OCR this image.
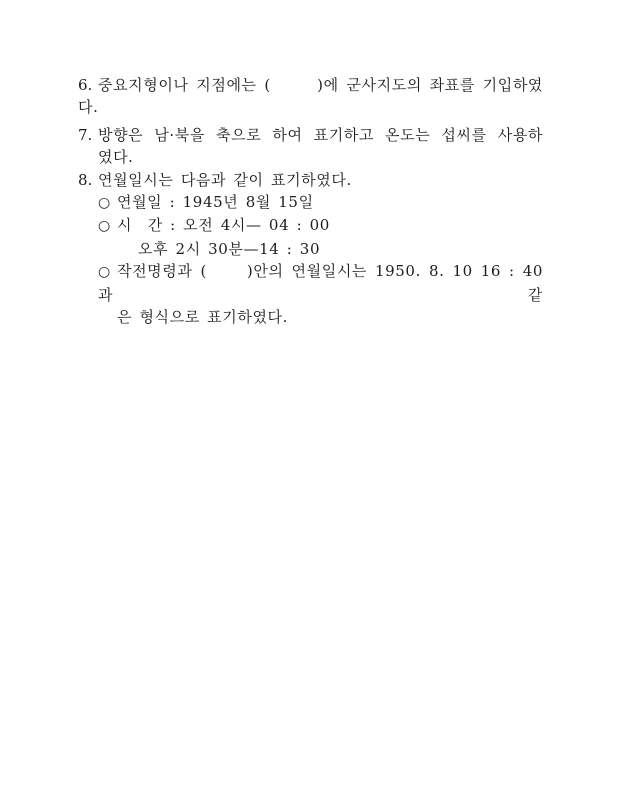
6. 중요지형이나 지점에는 (      )에 군사지도의 좌표를 기입하였다.
7. 방향은 남·북을 축으로 하여 표기하고 온도는 섭씨를 사용하
였다.
8. 연월일시는 다음과 같이 표기하였다.
○ 연월일 : 1945년 8월 15일
○ 시 간 : 오전 4시— 04 : 00
오후 2시 30분—14 : 30
○ 작전명령과 (     )안의 연월일시는 1950. 8. 10 16 : 40과 같
은 형식으로 표기하였다.
